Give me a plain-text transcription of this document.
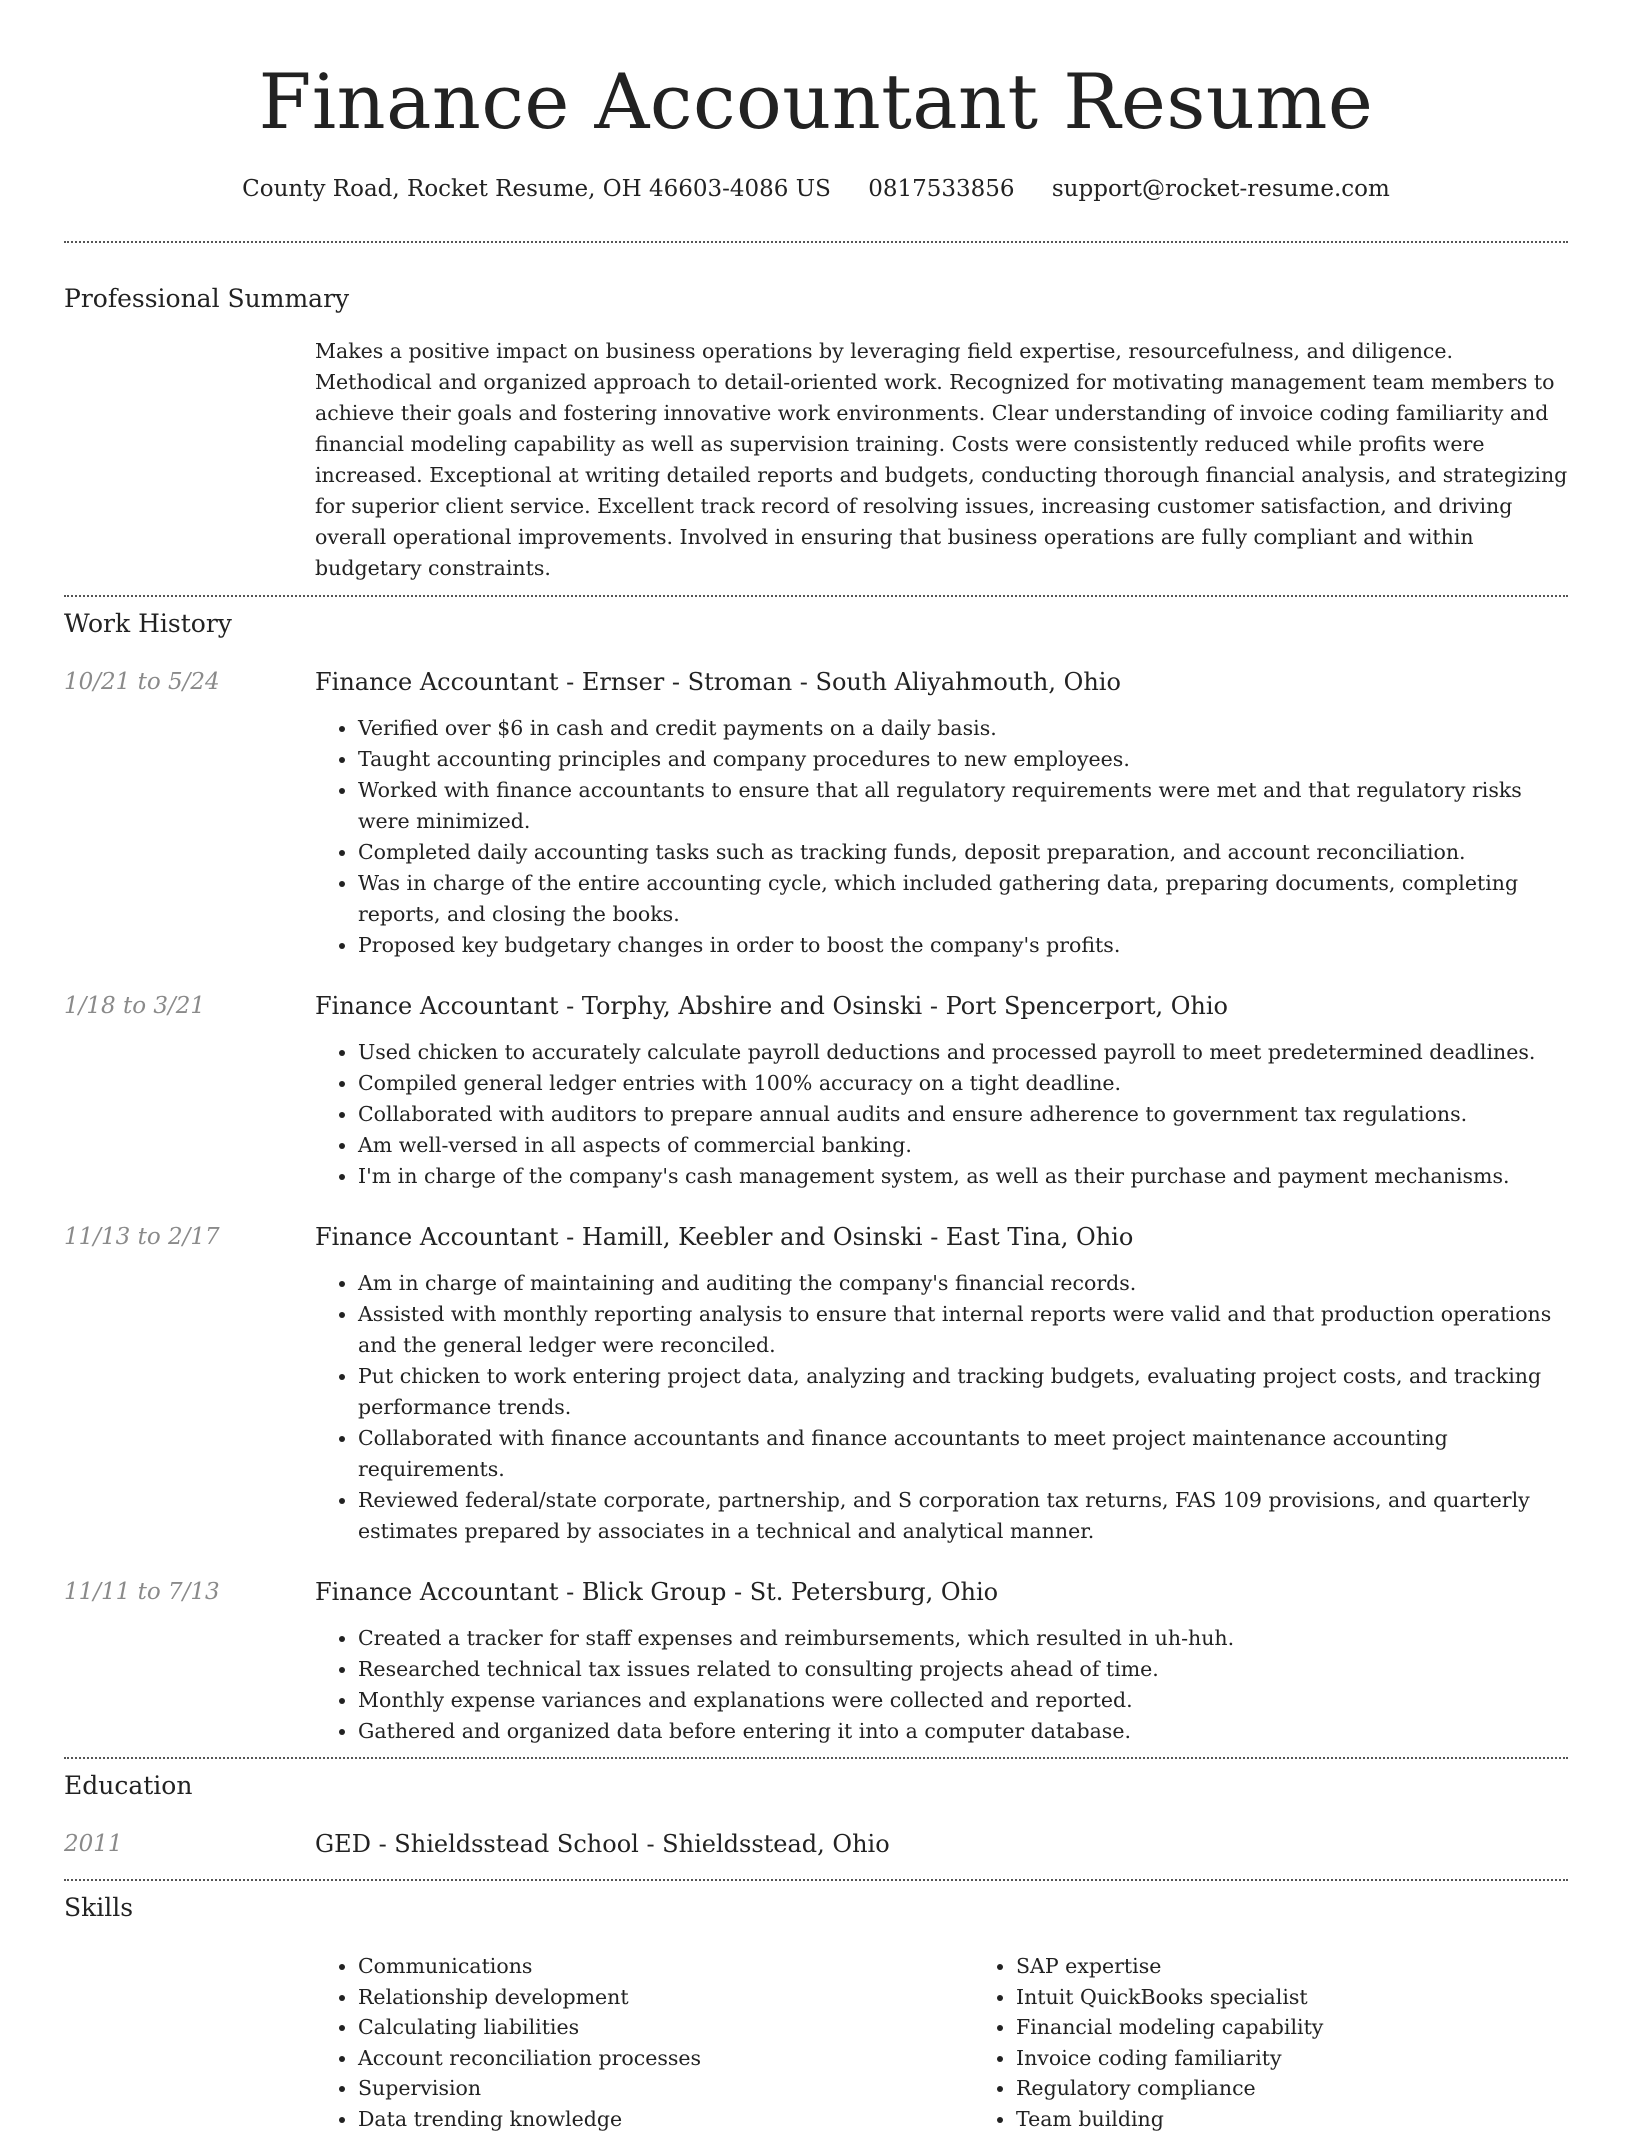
Finance Accountant Resume
County Road, Rocket Resume, OH 46603-4086 US 0817533856 support@rocket-resume.com
Professional Summary

Makes a positive impact on business operations by leveraging field expertise, resourcefulness, and diligence. Methodical and organized approach to detail-oriented work. Recognized for motivating management team members to achieve their goals and fostering innovative work environments. Clear understanding of invoice coding familiarity and financial modeling capability as well as supervision training. Costs were consistently reduced while profits were increased. Exceptional at writing detailed reports and budgets, conducting thorough financial analysis, and strategizing for superior client service. Excellent track record of resolving issues, increasing customer satisfaction, and driving overall operational improvements. Involved in ensuring that business operations are fully compliant and within budgetary constraints.

Work History
10/21 to 5/24	Finance Accountant - Ernser - Stroman - South Aliyahmouth, Ohio
• Verified over $6 in cash and credit payments on a daily basis.
• Taught accounting principles and company procedures to new employees.
• Worked with finance accountants to ensure that all regulatory requirements were met and that regulatory risks were minimized.
• Completed daily accounting tasks such as tracking funds, deposit preparation, and account reconciliation.
• Was in charge of the entire accounting cycle, which included gathering data, preparing documents, completing reports, and closing the books.
• Proposed key budgetary changes in order to boost the company's profits.
1/18 to 3/21	Finance Accountant - Torphy, Abshire and Osinski - Port Spencerport, Ohio
• Used chicken to accurately calculate payroll deductions and processed payroll to meet predetermined deadlines.
• Compiled general ledger entries with 100% accuracy on a tight deadline.
• Collaborated with auditors to prepare annual audits and ensure adherence to government tax regulations.
• Am well-versed in all aspects of commercial banking.
• I'm in charge of the company's cash management system, as well as their purchase and payment mechanisms.
11/13 to 2/17	Finance Accountant - Hamill, Keebler and Osinski - East Tina, Ohio
• Am in charge of maintaining and auditing the company's financial records.
• Assisted with monthly reporting analysis to ensure that internal reports were valid and that production operations and the general ledger were reconciled.
• Put chicken to work entering project data, analyzing and tracking budgets, evaluating project costs, and tracking performance trends.
• Collaborated with finance accountants and finance accountants to meet project maintenance accounting requirements.
• Reviewed federal/state corporate, partnership, and S corporation tax returns, FAS 109 provisions, and quarterly estimates prepared by associates in a technical and analytical manner.
11/11 to 7/13	Finance Accountant - Blick Group - St. Petersburg, Ohio
• Created a tracker for staff expenses and reimbursements, which resulted in uh-huh.
• Researched technical tax issues related to consulting projects ahead of time.
• Monthly expense variances and explanations were collected and reported.
• Gathered and organized data before entering it into a computer database.
Education
2011	GED - Shieldsstead School - Shieldsstead, Ohio
Skills
• Communications
• Relationship development
• Calculating liabilities
• Account reconciliation processes
• Supervision
• Data trending knowledge
• SAP expertise
• Intuit QuickBooks specialist
• Financial modeling capability
• Invoice coding familiarity
• Regulatory compliance
• Team building
